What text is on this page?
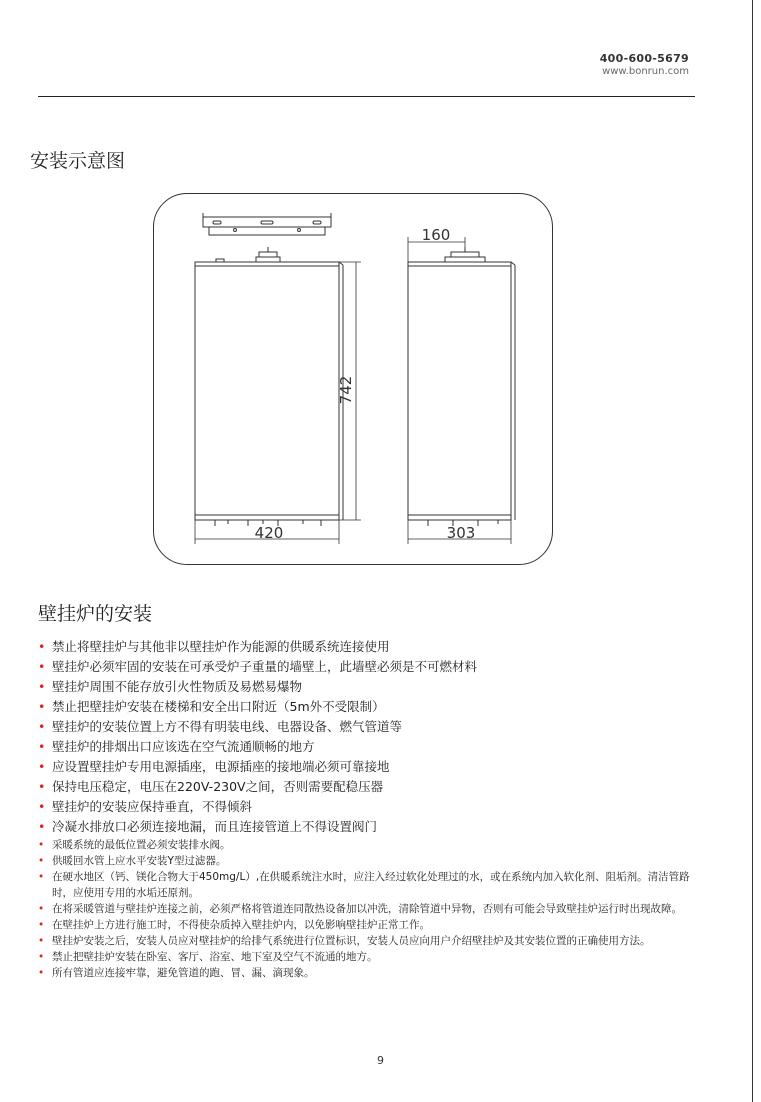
400-600-5679
www.bonrun.com
安装示意图
742
420
160
303
壁挂炉的安装
• 禁止将壁挂炉与其他非以壁挂炉作为能源的供暖系统连接使用
• 壁挂炉必须牢固的安装在可承受炉子重量的墙壁上，此墙壁必须是不可燃材料
• 壁挂炉周围不能存放引火性物质及易燃易爆物
• 禁止把壁挂炉安装在楼梯和安全出口附近（5m外不受限制）
• 壁挂炉的安装位置上方不得有明装电线、电器设备、燃气管道等
• 壁挂炉的排烟出口应该选在空气流通顺畅的地方
• 应设置壁挂炉专用电源插座，电源插座的接地端必须可靠接地
• 保持电压稳定，电压在220V-230V之间，否则需要配稳压器
• 壁挂炉的安装应保持垂直，不得倾斜
• 冷凝水排放口必须连接地漏，而且连接管道上不得设置阀门
• 采暖系统的最低位置必须安装排水阀。
• 供暖回水管上应水平安装Y型过滤器。
• 在硬水地区（钙、镁化合物大于450mg/L）,在供暖系统注水时，应注入经过软化处理过的水，或在系统内加入软化剂、阻垢剂。清洁管路时，应使用专用的水垢还原剂。
• 在将采暖管道与壁挂炉连接之前，必须严格将管道连同散热设备加以冲洗，清除管道中异物，否则有可能会导致壁挂炉运行时出现故障。
• 在壁挂炉上方进行施工时，不得使杂质掉入壁挂炉内，以免影响壁挂炉正常工作。
• 壁挂炉安装之后，安装人员应对壁挂炉的给排气系统进行位置标识，安装人员应向用户介绍壁挂炉及其安装位置的正确使用方法。
• 禁止把壁挂炉安装在卧室、客厅、浴室、地下室及空气不流通的地方。
• 所有管道应连接牢靠，避免管道的跑、冒、漏、滴现象。
9
